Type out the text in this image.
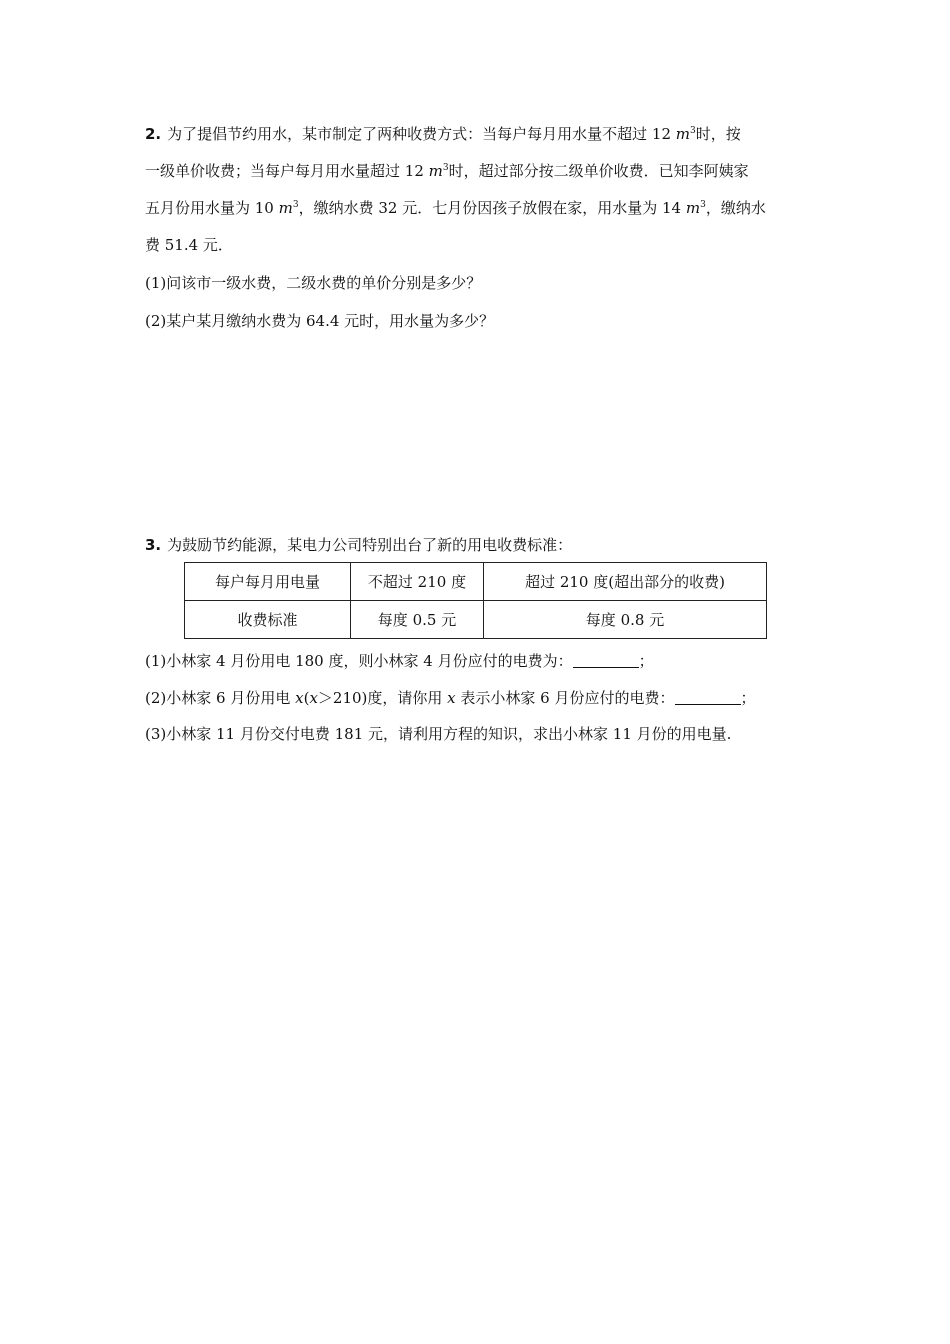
2. 为了提倡节约用水，某市制定了两种收费方式：当每户每月用水量不超过 12 $m^3$时，按
一级单价收费；当每户每月用水量超过 12 $m^3$时，超过部分按二级单价收费．已知李阿姨家
五月份用水量为 10 $m^3$，缴纳水费 32 元．七月份因孩子放假在家，用水量为 14 $m^3$，缴纳水
费 51.4 元．
(1)问该市一级水费，二级水费的单价分别是多少？
(2)某户某月缴纳水费为 64.4 元时，用水量为多少？
3. 为鼓励节约能源，某电力公司特别出台了新的用电收费标准：
每户每月用电量	不超过 210 度	超过 210 度(超出部分的收费)
收费标准	每度 0.5 元	每度 0.8 元
(1)小林家 4 月份用电 180 度，则小林家 4 月份应付的电费为：	；
(2)小林家 6 月份用电 x(x＞210)度，请你用 x 表示小林家 6 月份应付的电费：	；
(3)小林家 11 月份交付电费 181 元，请利用方程的知识，求出小林家 11 月份的用电量.
